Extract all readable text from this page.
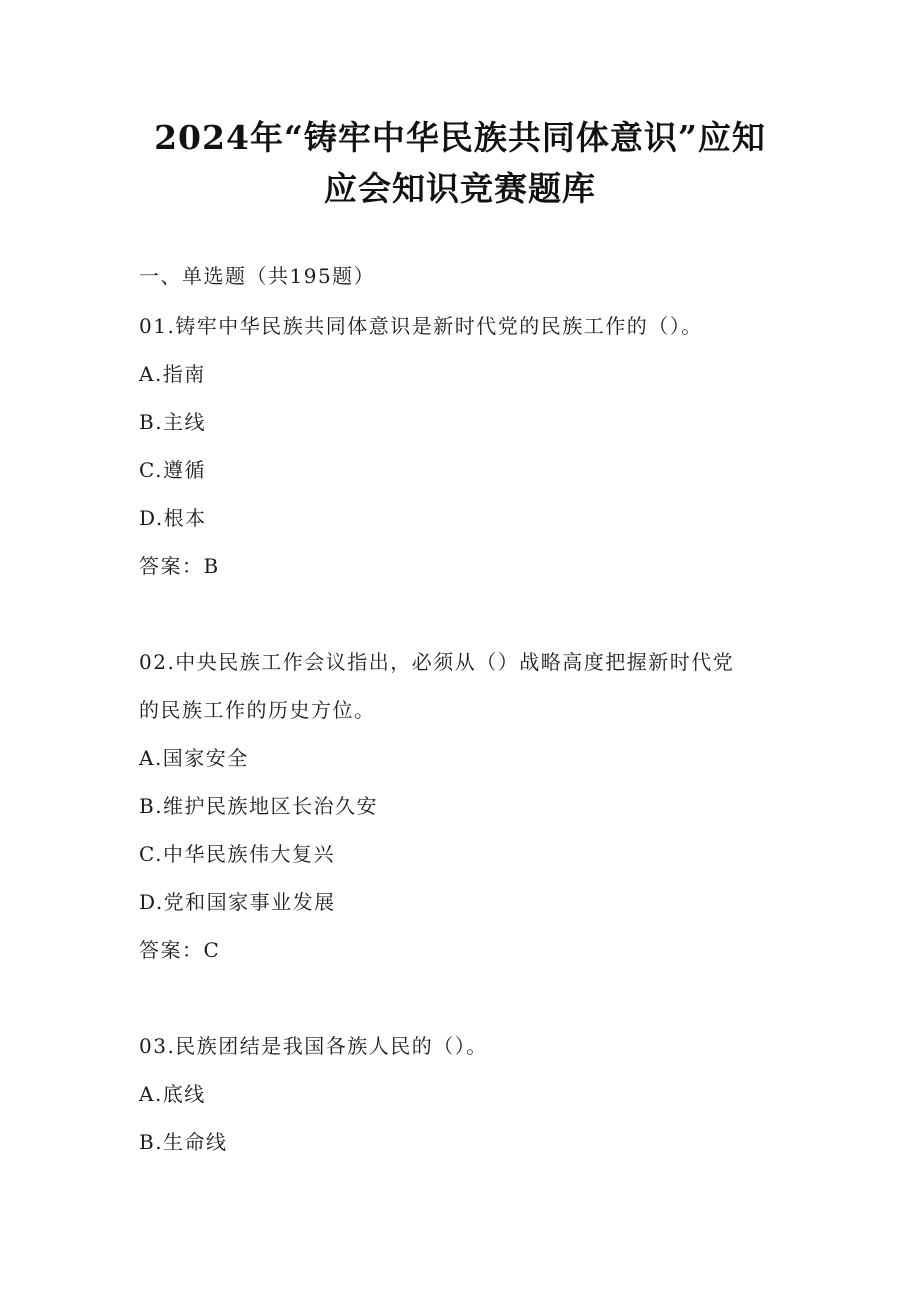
2024年“铸牢中华民族共同体意识”应知
应会知识竞赛题库
一、单选题（共195题）
01.铸牢中华民族共同体意识是新时代党的民族工作的（）。
A.指南
B.主线
C.遵循
D.根本
答案：B
02.中央民族工作会议指出，必须从（）战略高度把握新时代党
的民族工作的历史方位。
A.国家安全
B.维护民族地区长治久安
C.中华民族伟大复兴
D.党和国家事业发展
答案：C
03.民族团结是我国各族人民的（）。
A.底线
B.生命线
